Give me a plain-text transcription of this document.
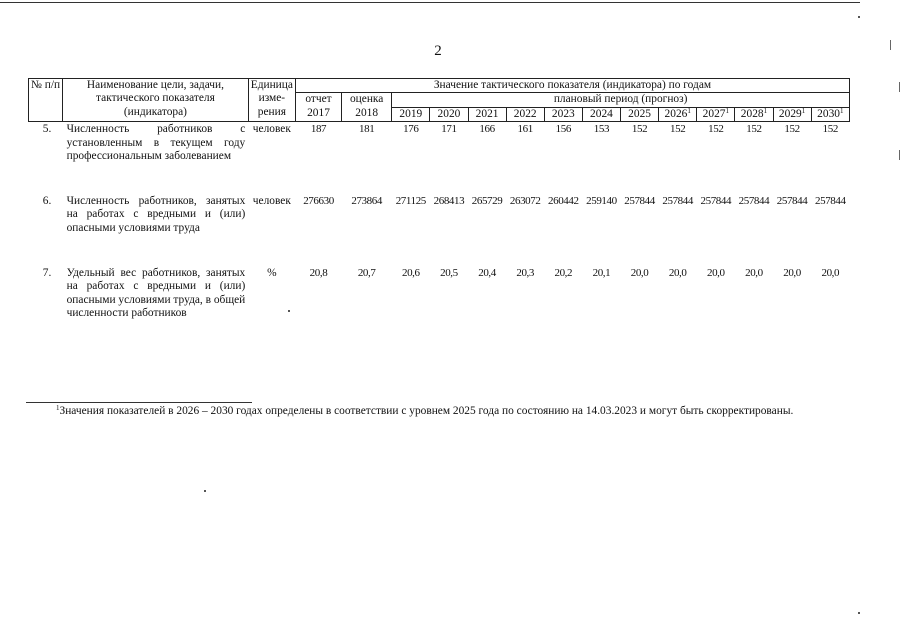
2
№ п/п	Наименование цели, задачи, тактического показателя (индикатора)	Единица измерения	Значение тактического показателя (индикатора) по годам													
			отчет 2017	оценка 2018	плановый период (прогноз)											
					2019	2020	2021	2022	2023	2024	2025	2026$^1$	2027$^1$	2028$^1$	2029$^1$	2030$^1$
5.	Численность работников с установленным в текущем году профессиональным заболеванием	человек	187	181	176	171	166	161	156	153	152	152	152	152	152	152
6.	Численность работников, занятых на работах с вредными и (или) опасными условиями труда	человек	276630	273864	271125	268413	265729	263072	260442	259140	257844	257844	257844	257844	257844	257844
7.	Удельный вес работников, занятых на работах с вредными и (или) опасными условиями труда, в общей численности работников	%	20,8	20,7	20,6	20,5	20,4	20,3	20,2	20,1	20,0	20,0	20,0	20,0	20,0	20,0
$^1$Значения показателей в 2026 – 2030 годах определены в соответствии с уровнем 2025 года по состоянию на 14.03.2023 и могут быть скорректированы.
